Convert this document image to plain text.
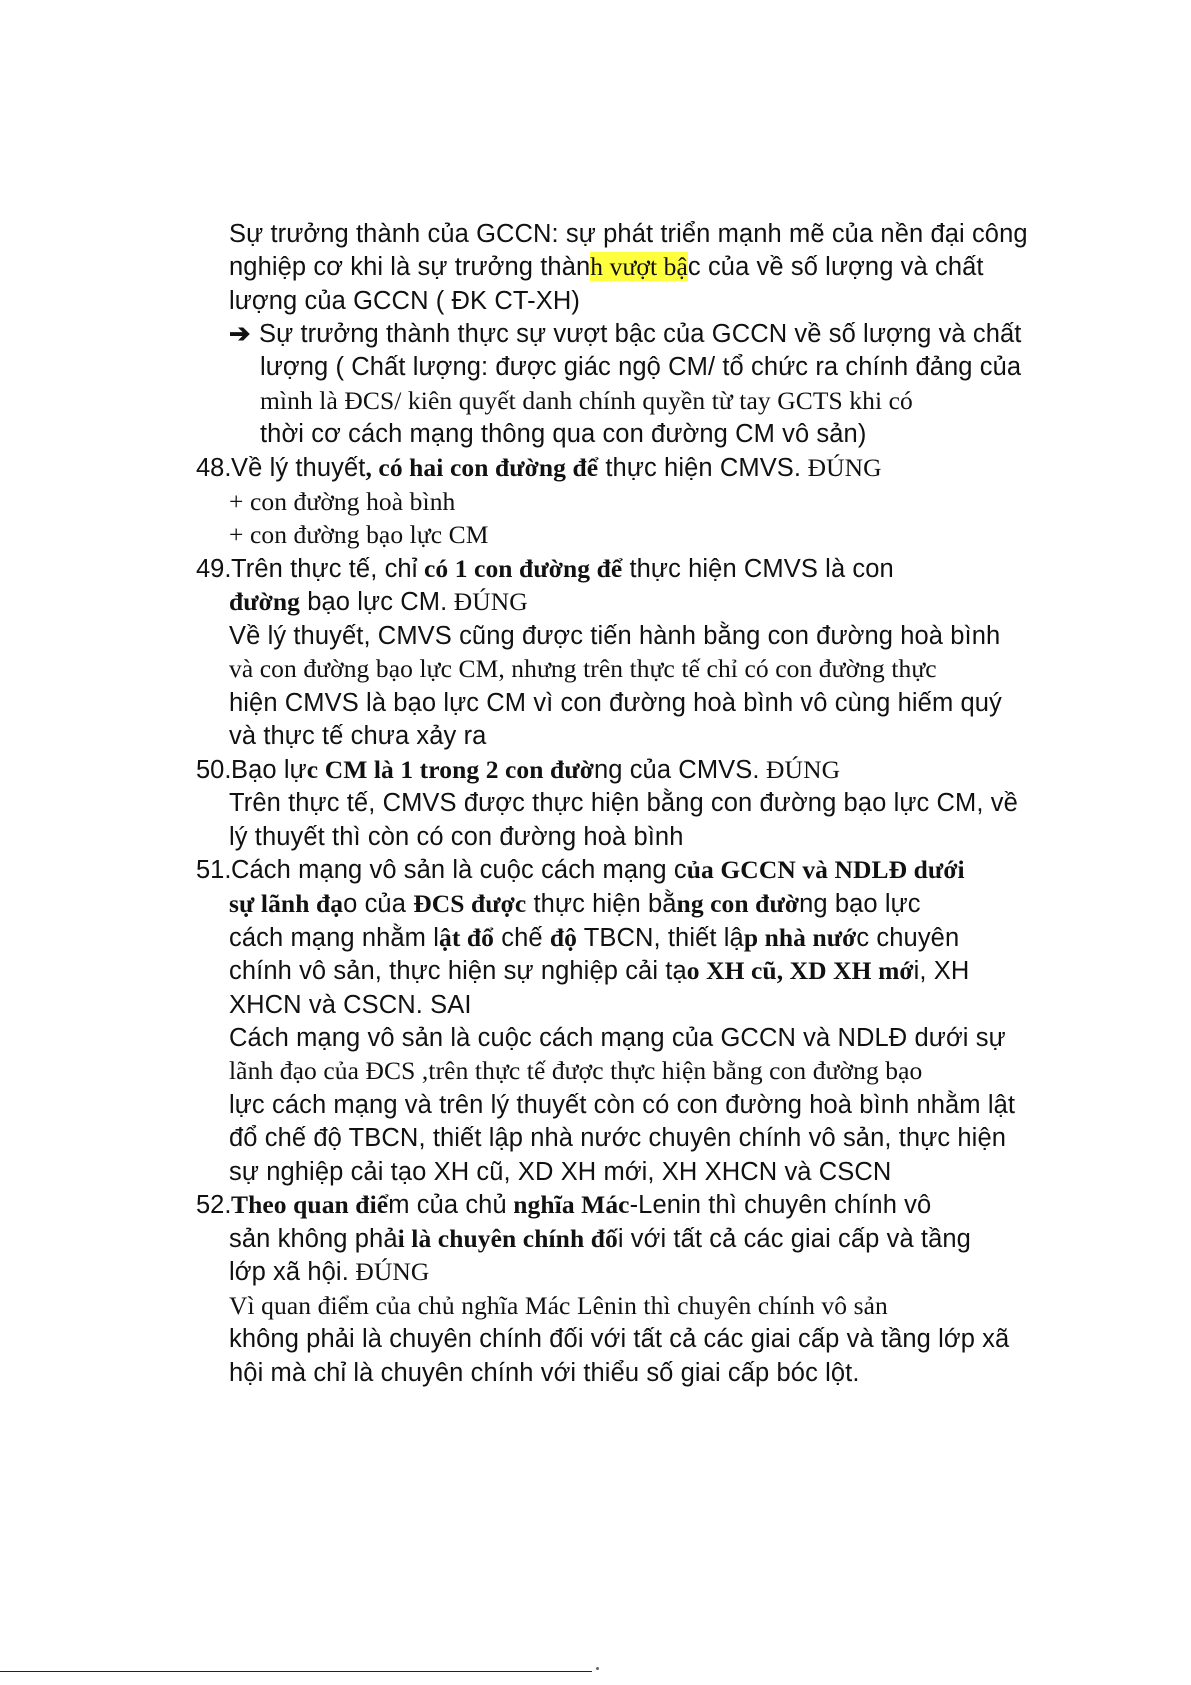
Sự trưởng thành của GCCN: sự phát triển mạnh mẽ của nền đại công
nghiệp cơ khi là sự trưởng thành vượt bậc của về số lượng và chất
lượng của GCCN ( ĐK CT-XH)
➔ Sự trưởng thành thực sự vượt bậc của GCCN về số lượng và chất
lượng ( Chất lượng: được giác ngộ CM/ tổ chức ra chính đảng của
mình là ĐCS/ kiên quyết danh chính quyền từ tay GCTS khi có
thời cơ cách mạng thông qua con đường CM vô sản)
48. Về lý thuyết, có hai con đường để thực hiện CMVS. ĐÚNG
+ con đường hoà bình
+ con đường bạo lực CM
49. Trên thực tế, chỉ có 1 con đường để thực hiện CMVS là con
đường bạo lực CM. ĐÚNG
Về lý thuyết, CMVS cũng được tiến hành bằng con đường hoà bình
và con đường bạo lực CM, nhưng trên thực tế chỉ có con đường thực
hiện CMVS là bạo lực CM vì con đường hoà bình vô cùng hiếm quý
và thực tế chưa xảy ra
50. Bạo lực CM là 1 trong 2 con đường của CMVS. ĐÚNG
Trên thực tế, CMVS được thực hiện bằng con đường bạo lực CM, về
lý thuyết thì còn có con đường hoà bình
51. Cách mạng vô sản là cuộc cách mạng của GCCN và NDLĐ dưới
sự lãnh đạo của ĐCS được thực hiện bằng con đường bạo lực
cách mạng nhằm lật đổ chế độ TBCN, thiết lập nhà nước chuyên
chính vô sản, thực hiện sự nghiệp cải tạo XH cũ, XD XH mới, XH
XHCN và CSCN. SAI
Cách mạng vô sản là cuộc cách mạng của GCCN và NDLĐ dưới sự
lãnh đạo của ĐCS ,trên thực tế được thực hiện bằng con đường bạo
lực cách mạng và trên lý thuyết còn có con đường hoà bình nhằm lật
đổ chế độ TBCN, thiết lập nhà nước chuyên chính vô sản, thực hiện
sự nghiệp cải tạo XH cũ, XD XH mới, XH XHCN và CSCN
52. Theo quan điểm của chủ nghĩa Mác-Lenin thì chuyên chính vô
sản không phải là chuyên chính đối với tất cả các giai cấp và tầng
lớp xã hội. ĐÚNG
Vì quan điểm của chủ nghĩa Mác Lênin thì chuyên chính vô sản
không phải là chuyên chính đối với tất cả các giai cấp và tầng lớp xã
hội mà chỉ là chuyên chính với thiểu số giai cấp bóc lột.
